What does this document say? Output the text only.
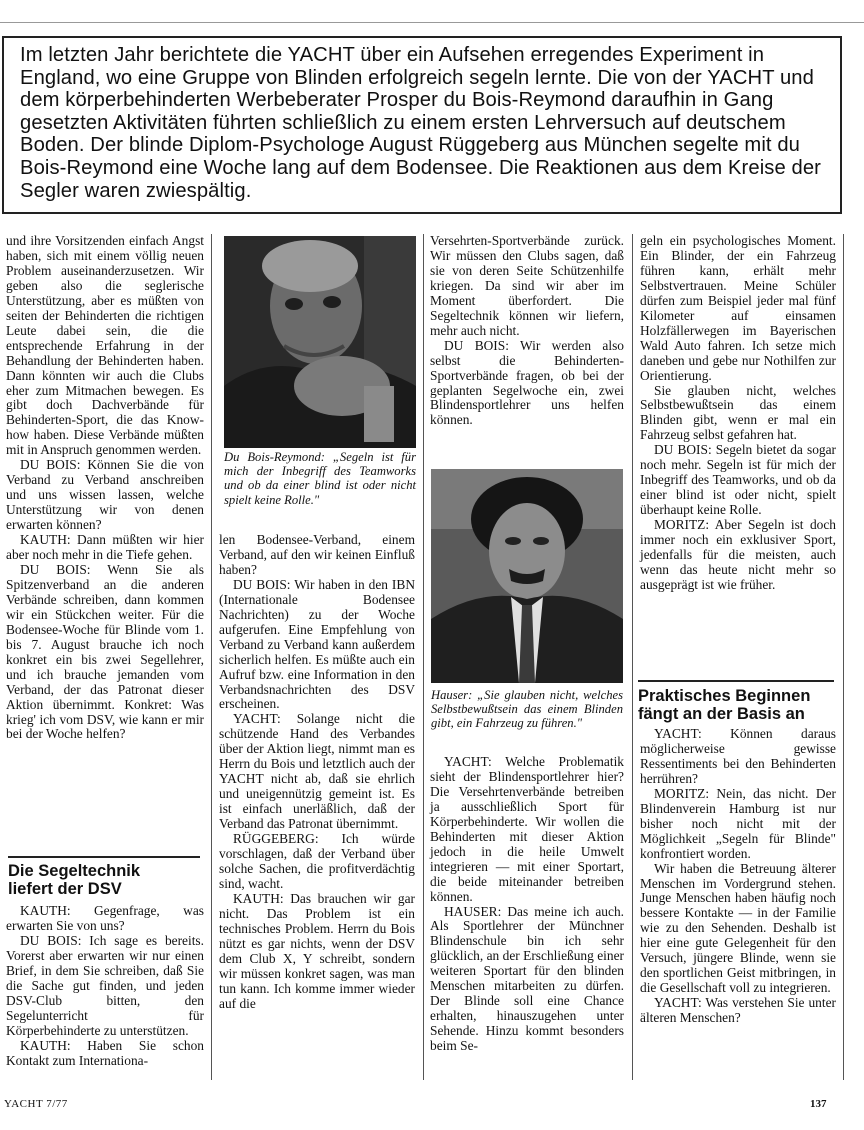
Im letzten Jahr berichtete die YACHT über ein Aufsehen erregendes Experiment in England, wo eine Gruppe von Blinden erfolgreich segeln lernte. Die von der YACHT und dem körperbehinderten Werbeberater Prosper du Bois-Reymond daraufhin in Gang gesetzten Aktivitäten führten schließlich zu einem ersten Lehrversuch auf deutschem Boden. Der blinde Diplom-Psychologe August Rüggeberg aus München segelte mit du Bois-Reymond eine Woche lang auf dem Bodensee. Die Reaktionen aus dem Kreise der Segler waren zwiespältig.

und ihre Vorsitzenden einfach Angst haben, sich mit einem völlig neuen Problem auseinanderzusetzen. Wir geben also die seglerische Unterstützung, aber es müßten von seiten der Behinderten die richtigen Leute dabei sein, die die entsprechende Erfahrung in der Behandlung der Behinderten haben. Dann könnten wir auch die Clubs eher zum Mitmachen bewegen. Es gibt doch Dachverbände für Behinderten-Sport, die das Know-how haben. Diese Verbände müßten mit in Anspruch genommen werden.

DU BOIS: Können Sie die von Verband zu Verband anschreiben und uns wissen lassen, welche Unterstützung wir von denen erwarten können?

KAUTH: Dann müßten wir hier aber noch mehr in die Tiefe gehen.

DU BOIS: Wenn Sie als Spitzenverband an die anderen Verbände schreiben, dann kommen wir ein Stückchen weiter. Für die Bodensee-Woche für Blinde vom 1. bis 7. August brauche ich noch konkret ein bis zwei Segellehrer, und ich brauche jemanden vom Verband, der das Patronat dieser Aktion übernimmt. Konkret: Was krieg' ich vom DSV, wie kann er mir bei der Woche helfen?

Die Segeltechnik
liefert der DSV

KAUTH: Gegenfrage, was erwarten Sie von uns?

DU BOIS: Ich sage es bereits. Vorerst aber erwarten wir nur einen Brief, in dem Sie schreiben, daß Sie die Sache gut finden, und jeden DSV-Club bitten, den Segelunterricht für Körperbehinderte zu unterstützen.

KAUTH: Haben Sie schon Kontakt zum Internationa-

Du Bois-Reymond: „Segeln ist für mich der Inbegriff des Teamworks und ob da einer blind ist oder nicht spielt keine Rolle."

len Bodensee-Verband, einem Verband, auf den wir keinen Einfluß haben?

DU BOIS: Wir haben in den IBN (Internationale Bodensee Nachrichten) zu der Woche aufgerufen. Eine Empfehlung von Verband zu Verband kann außerdem sicherlich helfen. Es müßte auch ein Aufruf bzw. eine Information in den Verbandsnachrichten des DSV erscheinen.

YACHT: Solange nicht die schützende Hand des Verbandes über der Aktion liegt, nimmt man es Herrn du Bois und letztlich auch der YACHT nicht ab, daß sie ehrlich und uneigennützig gemeint ist. Es ist einfach unerläßlich, daß der Verband das Patronat übernimmt.

RÜGGEBERG: Ich würde vorschlagen, daß der Verband über solche Sachen, die profitverdächtig sind, wacht.

KAUTH: Das brauchen wir gar nicht. Das Problem ist ein technisches Problem. Herrn du Bois nützt es gar nichts, wenn der DSV dem Club X, Y schreibt, sondern wir müssen konkret sagen, was man tun kann. Ich komme immer wieder auf die

Versehrten-Sportverbände zurück. Wir müssen den Clubs sagen, daß sie von deren Seite Schützenhilfe kriegen. Da sind wir aber im Moment überfordert. Die Segeltechnik können wir liefern, mehr auch nicht.

DU BOIS: Wir werden also selbst die Behinderten-Sportverbände fragen, ob bei der geplanten Segelwoche ein, zwei Blindensportlehrer uns helfen können.

Hauser: „Sie glauben nicht, welches Selbstbewußtsein das einem Blinden gibt, ein Fahrzeug zu führen."

YACHT: Welche Problematik sieht der Blindensportlehrer hier? Die Versehrtenverbände betreiben ja ausschließlich Sport für Körperbehinderte. Wir wollen die Behinderten mit dieser Aktion jedoch in die heile Umwelt integrieren — mit einer Sportart, die beide miteinander betreiben können.

HAUSER: Das meine ich auch. Als Sportlehrer der Münchner Blindenschule bin ich sehr glücklich, an der Erschließung einer weiteren Sportart für den blinden Menschen mitarbeiten zu dürfen. Der Blinde soll eine Chance erhalten, hinauszugehen unter Sehende. Hinzu kommt besonders beim Se-

geln ein psychologisches Moment. Ein Blinder, der ein Fahrzeug führen kann, erhält mehr Selbstvertrauen. Meine Schüler dürfen zum Beispiel jeder mal fünf Kilometer auf einsamen Holzfällerwegen im Bayerischen Wald Auto fahren. Ich setze mich daneben und gebe nur Nothilfen zur Orientierung.

Sie glauben nicht, welches Selbstbewußtsein das einem Blinden gibt, wenn er mal ein Fahrzeug selbst gefahren hat.

DU BOIS: Segeln bietet da sogar noch mehr. Segeln ist für mich der Inbegriff des Teamworks, und ob da einer blind ist oder nicht, spielt überhaupt keine Rolle.

MORITZ: Aber Segeln ist doch immer noch ein exklusiver Sport, jedenfalls für die meisten, auch wenn das heute nicht mehr so ausgeprägt ist wie früher.

Praktisches Beginnen
fängt an der Basis an

YACHT: Können daraus möglicherweise gewisse Ressentiments bei den Behinderten herrühren?

MORITZ: Nein, das nicht. Der Blindenverein Hamburg ist nur bisher noch nicht mit der Möglichkeit „Segeln für Blinde" konfrontiert worden.

Wir haben die Betreuung älterer Menschen im Vordergrund stehen. Junge Menschen haben häufig noch bessere Kontakte — in der Familie wie zu den Sehenden. Deshalb ist hier eine gute Gelegenheit für den Versuch, jüngere Blinde, wenn sie den sportlichen Geist mitbringen, in die Gesellschaft voll zu integrieren.

YACHT: Was verstehen Sie unter älteren Menschen?

YACHT 7/77	137
